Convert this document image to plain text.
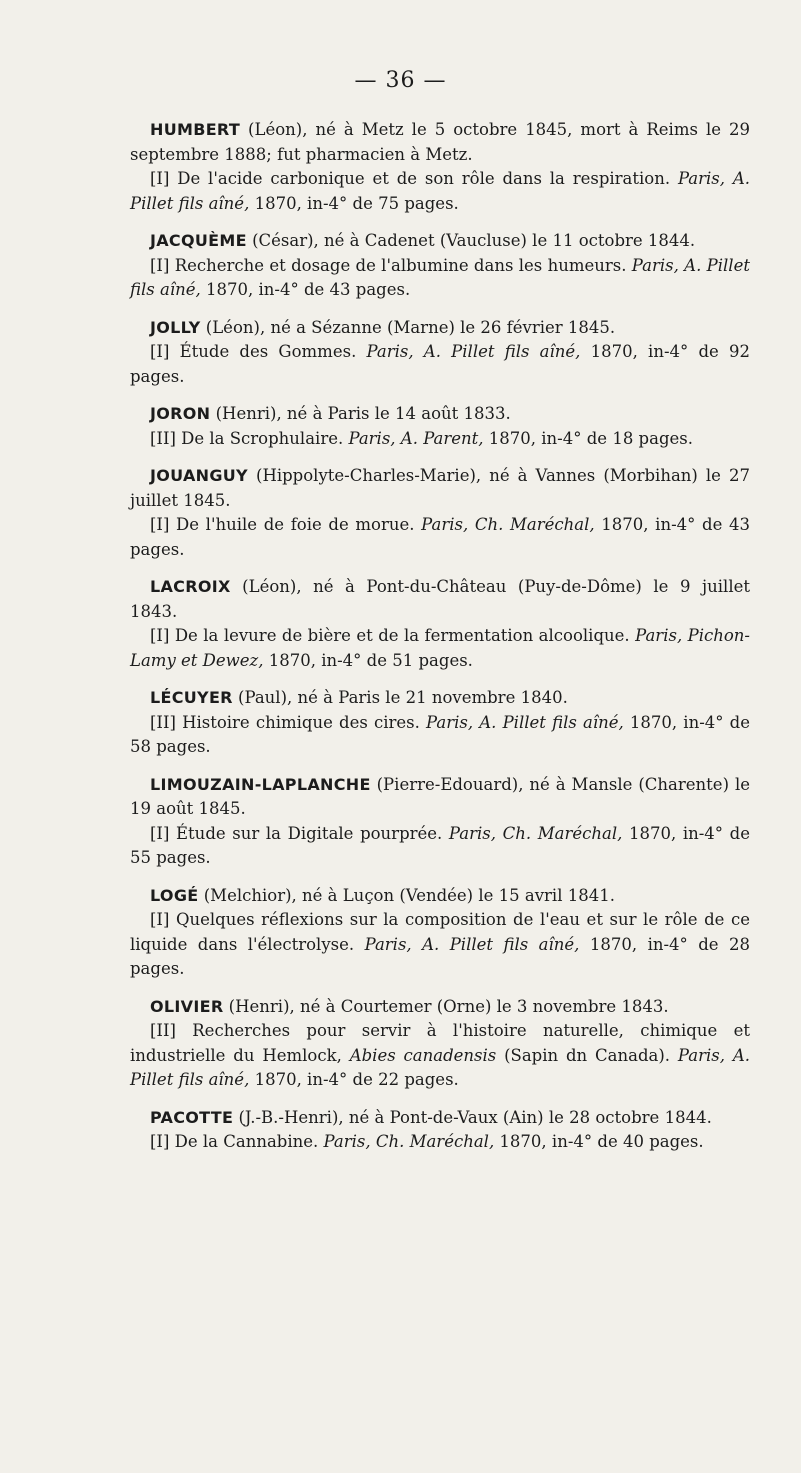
— 36 —

HUMBERT (Léon), né à Metz le 5 octobre 1845, mort à Reims le 29 septembre 1888; fut pharmacien à Metz.

[I] De l'acide carbonique et de son rôle dans la respiration. Paris, A. Pillet fils aîné, 1870, in-4° de 75 pages.

JACQUÈME (César), né à Cadenet (Vaucluse) le 11 octobre 1844.

[I] Recherche et dosage de l'albumine dans les humeurs. Paris, A. Pillet fils aîné, 1870, in-4° de 43 pages.

JOLLY (Léon), né a Sézanne (Marne) le 26 février 1845.

[I] Étude des Gommes. Paris, A. Pillet fils aîné, 1870, in-4° de 92 pages.

JORON (Henri), né à Paris le 14 août 1833.

[II] De la Scrophulaire. Paris, A. Parent, 1870, in-4° de 18 pages.

JOUANGUY (Hippolyte-Charles-Marie), né à Vannes (Morbihan) le 27 juillet 1845.

[I] De l'huile de foie de morue. Paris, Ch. Maréchal, 1870, in-4° de 43 pages.

LACROIX (Léon), né à Pont-du-Château (Puy-de-Dôme) le 9 juillet 1843.

[I] De la levure de bière et de la fermentation alcoolique. Paris, Pichon-Lamy et Dewez, 1870, in-4° de 51 pages.

LÉCUYER (Paul), né à Paris le 21 novembre 1840.

[II] Histoire chimique des cires. Paris, A. Pillet fils aîné, 1870, in-4° de 58 pages.

LIMOUZAIN-LAPLANCHE (Pierre-Edouard), né à Mansle (Charente) le 19 août 1845.

[I] Étude sur la Digitale pourprée. Paris, Ch. Maréchal, 1870, in-4° de 55 pages.

LOGÉ (Melchior), né à Luçon (Vendée) le 15 avril 1841.

[I] Quelques réflexions sur la composition de l'eau et sur le rôle de ce liquide dans l'électrolyse. Paris, A. Pillet fils aîné, 1870, in-4° de 28 pages.

OLIVIER (Henri), né à Courtemer (Orne) le 3 novembre 1843.

[II] Recherches pour servir à l'histoire naturelle, chimique et industrielle du Hemlock, Abies canadensis (Sapin dn Canada). Paris, A. Pillet fils aîné, 1870, in-4° de 22 pages.

PACOTTE (J.-B.-Henri), né à Pont-de-Vaux (Ain) le 28 octobre 1844.

[I] De la Cannabine. Paris, Ch. Maréchal, 1870, in-4° de 40 pages.
